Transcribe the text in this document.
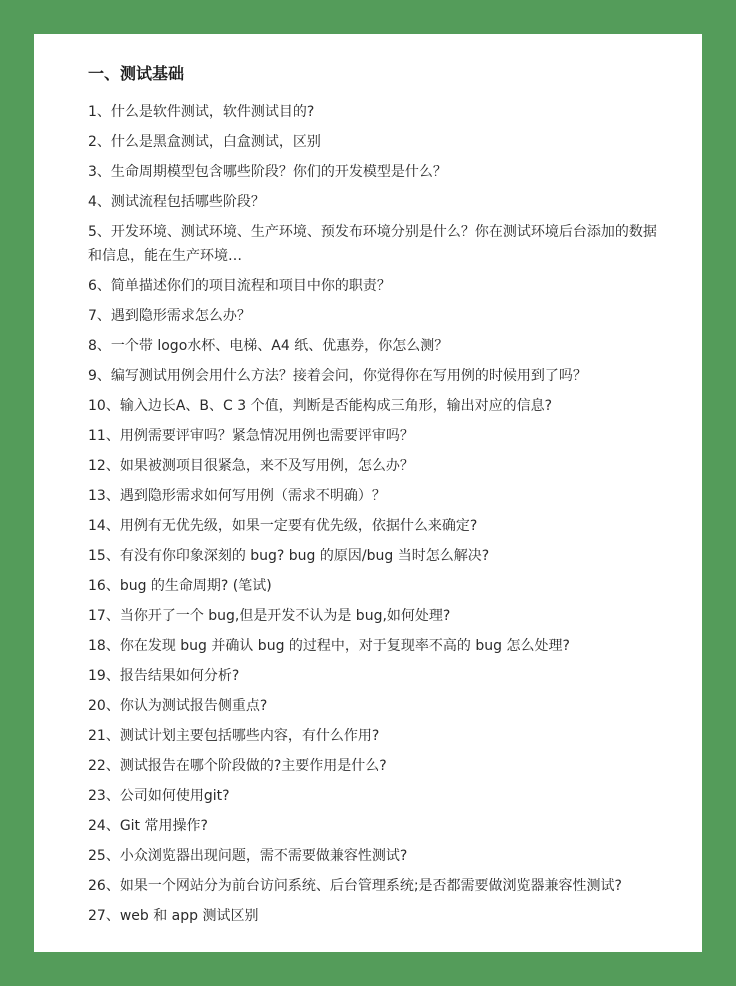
一、测试基础
1、什么是软件测试，软件测试目的?
2、什么是黑盒测试，白盒测试，区别
3、生命周期模型包含哪些阶段？你们的开发模型是什么？
4、测试流程包括哪些阶段？
5、开发环境、测试环境、生产环境、预发布环境分别是什么？你在测试环境后台添加的数据和信息，能在生产环境…
6、简单描述你们的项目流程和项目中你的职责？
7、遇到隐形需求怎么办？
8、一个带 logo水杯、电梯、A4 纸、优惠券，你怎么测？
9、编写测试用例会用什么方法？接着会问，你觉得你在写用例的时候用到了吗？
10、输入边长A、B、C 3 个值，判断是否能构成三角形，输出对应的信息?
11、用例需要评审吗？紧急情况用例也需要评审吗？
12、如果被测项目很紧急，来不及写用例，怎么办？
13、遇到隐形需求如何写用例（需求不明确）？
14、用例有无优先级，如果一定要有优先级，依据什么来确定?
15、有没有你印象深刻的 bug? bug 的原因/bug 当时怎么解决?
16、bug 的生命周期? (笔试)
17、当你开了一个 bug,但是开发不认为是 bug,如何处理?
18、你在发现 bug 并确认 bug 的过程中，对于复现率不高的 bug 怎么处理?
19、报告结果如何分析?
20、你认为测试报告侧重点?
21、测试计划主要包括哪些内容，有什么作用?
22、测试报告在哪个阶段做的?主要作用是什么?
23、公司如何使用git?
24、Git 常用操作?
25、小众浏览器出现问题，需不需要做兼容性测试?
26、如果一个网站分为前台访问系统、后台管理系统;是否都需要做浏览器兼容性测试?
27、web 和 app 测试区别
